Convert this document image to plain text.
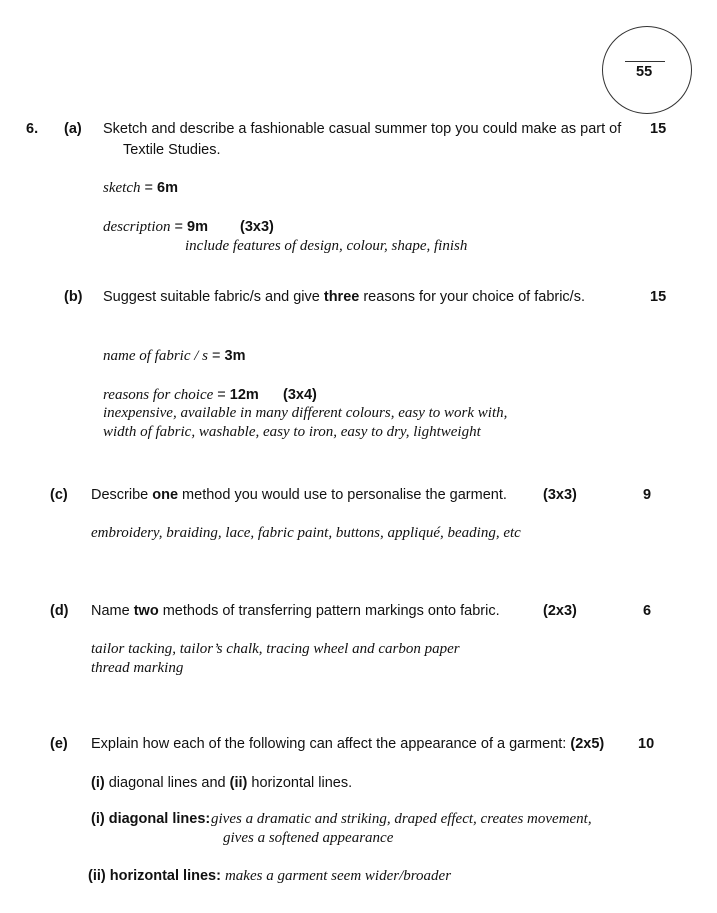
55
6. (a) Sketch and describe a fashionable casual summer top you could make as part of
Textile Studies.
15
sketch = 6m
description = 9m (3x3)
include features of design, colour, shape, finish
(b) Suggest suitable fabric/s and give three reasons for your choice of fabric/s.	15
name of fabric / s = 3m
reasons for choice = 12m (3x4)
inexpensive, available in many different colours, easy to work with,
width of fabric, washable, easy to iron, easy to dry, lightweight
(c) Describe one method you would use to personalise the garment. (3x3)	9
embroidery, braiding, lace, fabric paint, buttons, appliqué, beading, etc
(d) Name two methods of transferring pattern markings onto fabric.	(2x3)	6
tailor tacking, tailor’s chalk, tracing wheel and carbon paper
thread marking
(e) Explain how each of the following can affect the appearance of a garment: (2x5) 10
(i) diagonal lines and (ii) horizontal lines.
(i) diagonal lines: gives a dramatic and striking, draped effect, creates movement,
gives a softened appearance
(ii) horizontal lines: makes a garment seem wider/broader
